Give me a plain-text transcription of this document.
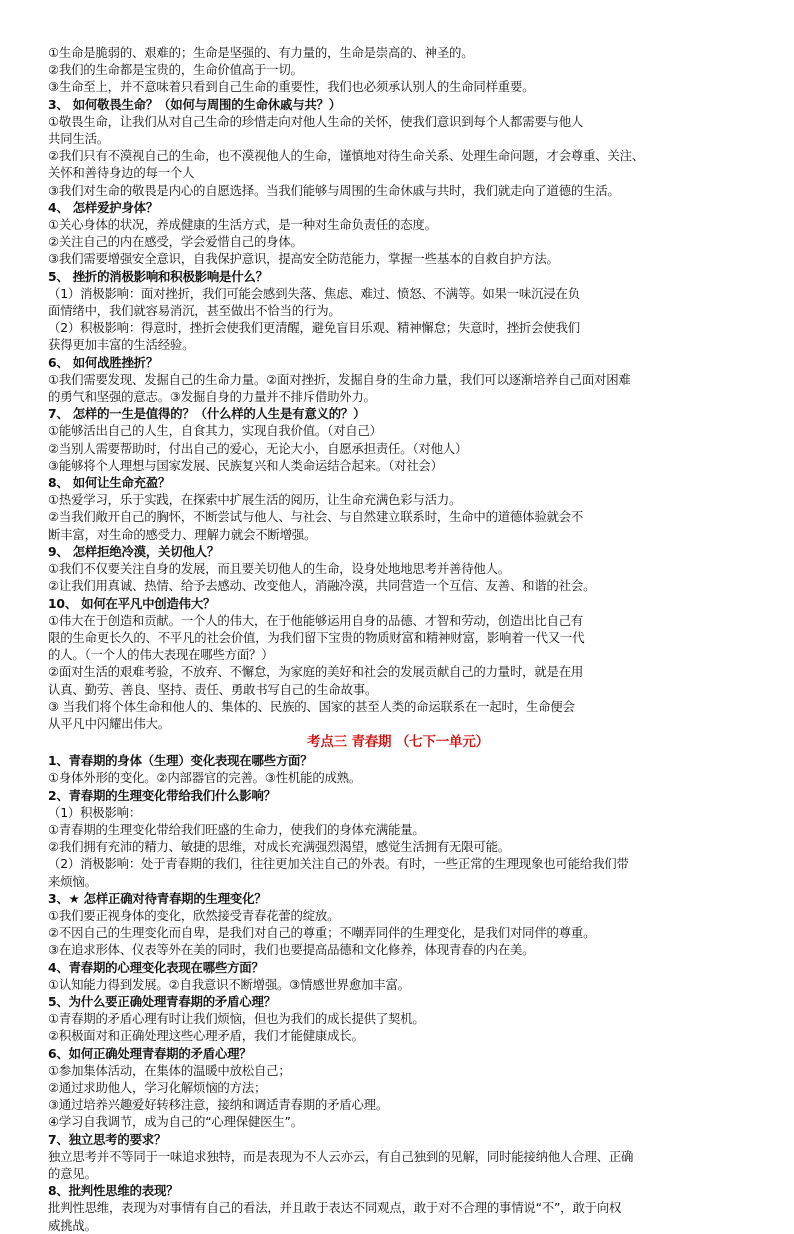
①生命是脆弱的、艰难的；生命是坚强的、有力量的，生命是崇高的、神圣的。
②我们的生命都是宝贵的，生命价值高于一切。
③生命至上，并不意味着只看到自己生命的重要性，我们也必须承认别人的生命同样重要。
3、 如何敬畏生命？（如何与周围的生命休戚与共？）
①敬畏生命，让我们从对自己生命的珍惜走向对他人生命的关怀，使我们意识到每个人都需要与他人
共同生活。
②我们只有不漠视自己的生命，也不漠视他人的生命，谨慎地对待生命关系、处理生命问题，才会尊重、关注、
关怀和善待身边的每一个人
③我们对生命的敬畏是内心的自愿选择。当我们能够与周围的生命休戚与共时，我们就走向了道德的生活。
4、 怎样爱护身体？
①关心身体的状况，养成健康的生活方式，是一种对生命负责任的态度。
②关注自己的内在感受，学会爱惜自己的身体。
③我们需要增强安全意识，自我保护意识，提高安全防范能力，掌握一些基本的自救自护方法。
5、 挫折的消极影响和积极影响是什么？
（1）消极影响：面对挫折，我们可能会感到失落、焦虑、难过、愤怒、不满等。如果一味沉浸在负
面情绪中，我们就容易消沉，甚至做出不恰当的行为。
（2）积极影响：得意时，挫折会使我们更清醒，避免盲目乐观、精神懈怠；失意时，挫折会使我们
获得更加丰富的生活经验。
6、 如何战胜挫折？
①我们需要发现、发掘自己的生命力量。②面对挫折，发掘自身的生命力量，我们可以逐渐培养自己面对困难
的勇气和坚强的意志。③发掘自身的力量并不排斥借助外力。
7、 怎样的一生是值得的？（什么样的人生是有意义的？）
①能够活出自己的人生，自食其力，实现自我价值。（对自己）
②当别人需要帮助时，付出自己的爱心，无论大小，自愿承担责任。（对他人）
③能够将个人理想与国家发展、民族复兴和人类命运结合起来。（对社会）
8、 如何让生命充盈？
①热爱学习，乐于实践，在探索中扩展生活的阅历，让生命充满色彩与活力。
②当我们敞开自己的胸怀，不断尝试与他人、与社会、与自然建立联系时，生命中的道德体验就会不
断丰富，对生命的感受力、理解力就会不断增强。
9、 怎样拒绝冷漠，关切他人？
①我们不仅要关注自身的发展，而且要关切他人的生命，设身处地地思考并善待他人。
②让我们用真诚、热情、给予去感动、改变他人，消融冷漠，共同营造一个互信、友善、和谐的社会。
10、 如何在平凡中创造伟大？
①伟大在于创造和贡献。一个人的伟大，在于他能够运用自身的品德、才智和劳动，创造出比自己有
限的生命更长久的、不平凡的社会价值，为我们留下宝贵的物质财富和精神财富，影响着一代又一代
的人。（一个人的伟大表现在哪些方面？）
②面对生活的艰难考验，不放弃、不懈怠，为家庭的美好和社会的发展贡献自己的力量时，就是在用
认真、勤劳、善良、坚持、责任、勇敢书写自己的生命故事。
③ 当我们将个体生命和他人的、集体的、民族的、国家的甚至人类的命运联系在一起时，生命便会
从平凡中闪耀出伟大。
考点三 青春期 （七下一单元）
1、青春期的身体（生理）变化表现在哪些方面？
①身体外形的变化。②内部器官的完善。③性机能的成熟。
2、青春期的生理变化带给我们什么影响？
（1）积极影响：
①青春期的生理变化带给我们旺盛的生命力，使我们的身体充满能量。
②我们拥有充沛的精力、敏捷的思维，对成长充满强烈渴望，感觉生活拥有无限可能。
（2）消极影响：处于青春期的我们，往往更加关注自己的外表。有时，一些正常的生理现象也可能给我们带
来烦恼。
3、★ 怎样正确对待青春期的生理变化？
①我们要正视身体的变化，欣然接受青春花蕾的绽放。
②不因自己的生理变化而自卑，是我们对自己的尊重；不嘲弄同伴的生理变化，是我们对同伴的尊重。
③在追求形体、仪表等外在美的同时，我们也要提高品德和文化修养，体现青春的内在美。
4、青春期的心理变化表现在哪些方面？
①认知能力得到发展。②自我意识不断增强。③情感世界愈加丰富。
5、为什么要正确处理青春期的矛盾心理？
①青春期的矛盾心理有时让我们烦恼，但也为我们的成长提供了契机。
②积极面对和正确处理这些心理矛盾，我们才能健康成长。
6、如何正确处理青春期的矛盾心理？
①参加集体活动，在集体的温暖中放松自己；
②通过求助他人，学习化解烦恼的方法；
③通过培养兴趣爱好转移注意，接纳和调适青春期的矛盾心理。
④学习自我调节，成为自己的“心理保健医生”。
7、独立思考的要求？
独立思考并不等同于一味追求独特，而是表现为不人云亦云，有自己独到的见解，同时能接纳他人合理、正确
的意见。
8、批判性思维的表现？
批判性思维，表现为对事情有自己的看法，并且敢于表达不同观点，敢于对不合理的事情说“不”，敢于向权
威挑战。
